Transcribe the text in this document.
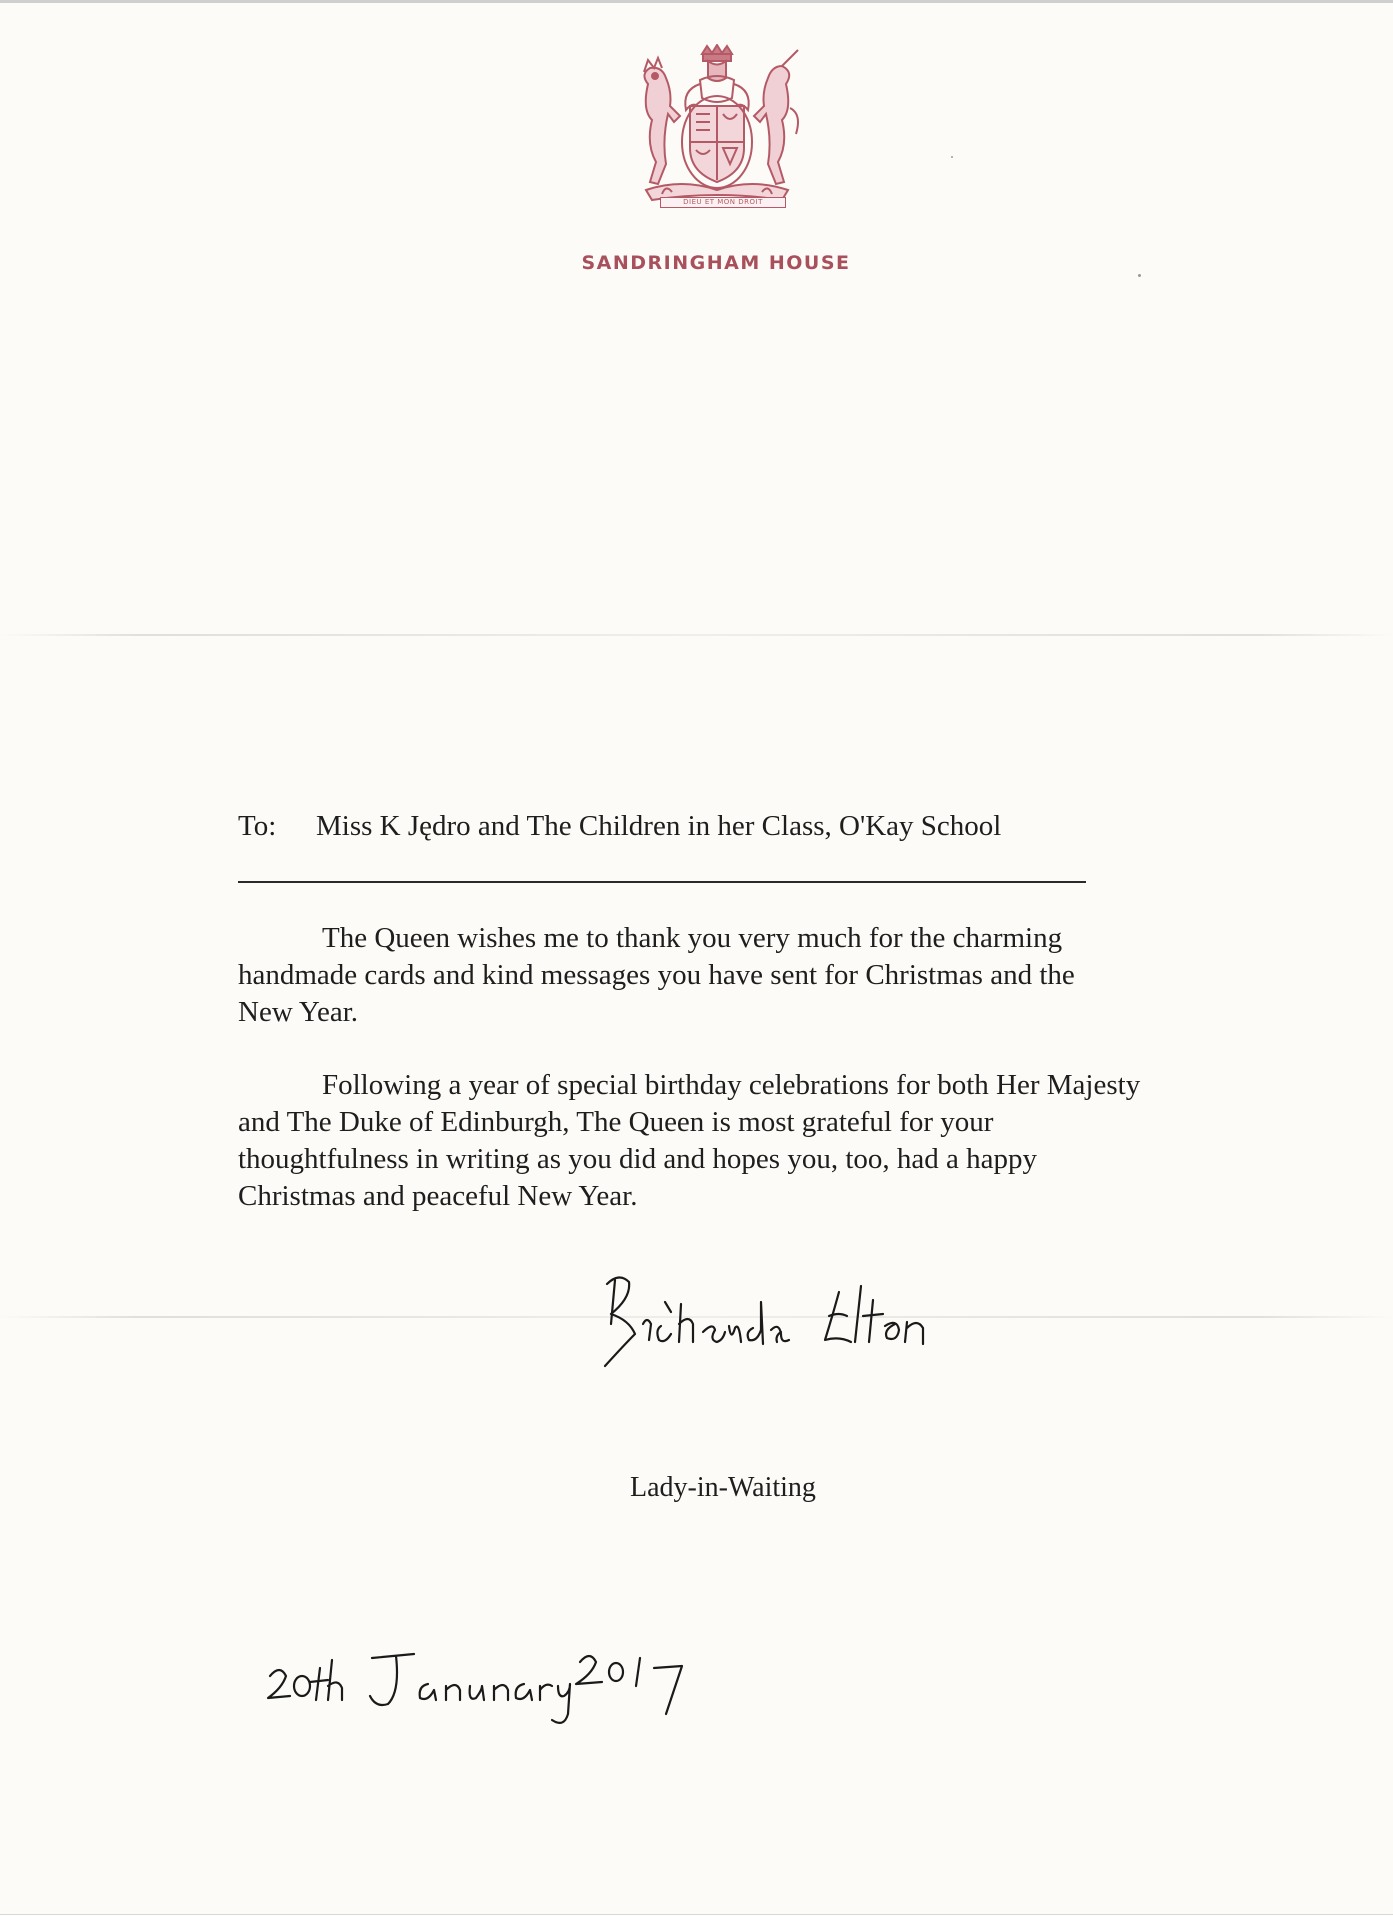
DIEU ET MON DROIT
SANDRINGHAM HOUSE
To: Miss K Jędro and The Children in her Class, O'Kay School

The Queen wishes me to thank you very much for the charming
handmade cards and kind messages you have sent for Christmas and the
New Year.

Following a year of special birthday celebrations for both Her Majesty
and The Duke of Edinburgh, The Queen is most grateful for your
thoughtfulness in writing as you did and hopes you, too, had a happy
Christmas and peaceful New Year.

Lady-in-Waiting
